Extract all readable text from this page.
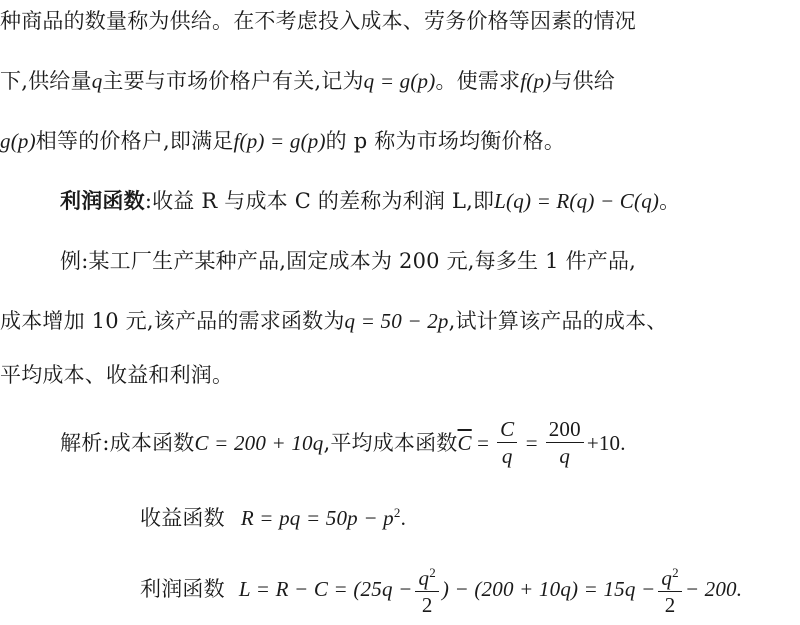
种商品的数量称为供给。在不考虑投入成本、劳务价格等因素的情况
下,供给量q主要与市场价格户有关,记为q = g(p)。使需求f(p)与供给
g(p)相等的价格户,即满足f(p) = g(p)的 p 称为市场均衡价格。
利润函数:收益 R 与成本 C 的差称为利润 L,即L(q) = R(q) − C(q)。
例:某工厂生产某种产品,固定成本为 200 元,每多生 1 件产品,
成本增加 10 元,该产品的需求函数为q = 50 − 2p,试计算该产品的成本、
平均成本、收益和利润。
解析:成本函数 C = 200 + 10q ,平均成本函数 $\overline{C} = \frac{C}{q} = \frac{200}{q} +10$.
收益函数 R = pq = $50p - p^2$.
利润函数 $L = R - C = (25q - \frac{q^2}{2}$ ) − $(200 + 10q) = 15q - \frac{q^2}{2} - 200$.
